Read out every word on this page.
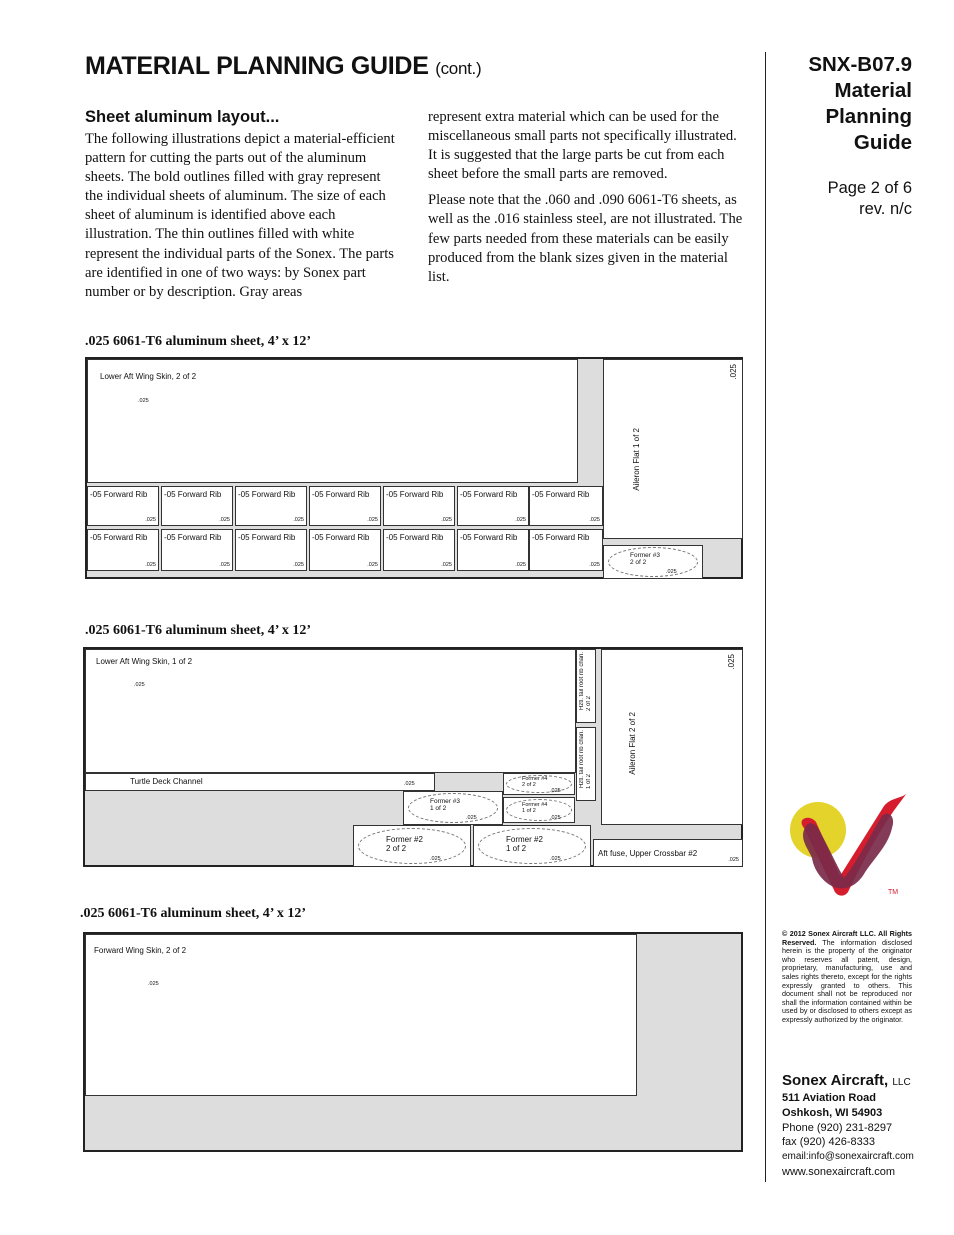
MATERIAL PLANNING GUIDE (cont.)
Sheet aluminum layout...
The following illustrations depict a material-efficient pattern for cutting the parts out of the aluminum sheets. The bold outlines filled with gray represent the individual sheets of aluminum. The size of each sheet of aluminum is identified above each illustration. The thin outlines filled with white represent the individual parts of the Sonex. The parts are identified in one of two ways: by Sonex part number or by description. Gray areas

represent extra material which can be used for the miscellaneous small parts not specifically illustrated. It is suggested that the large parts be cut from each sheet before the small parts are removed.

Please note that the .060 and .090 6061-T6 sheets, as well as the .016 stainless steel, are not illustrated. The few parts needed from these materials can be easily produced from the blank sizes given in the material list.

SNX-B07.9
Material
Planning
Guide
Page 2 of 6
rev. n/c
TM
© 2012 Sonex Aircraft LLC. All Rights Reserved. The information disclosed herein is the property of the originator who reserves all patent, design, proprietary, manufacturing, use and sales rights thereto, except for the rights expressly granted to others. This document shall not be reproduced nor shall the information contained within be used by or disclosed to others except as expressly authorized by the originator.
Sonex Aircraft, LLC
511 Aviation Road
Oshkosh, WI 54903
Phone (920) 231-8297
fax (920) 426-8333
email:info@sonexaircraft.com
www.sonexaircraft.com
.025 6061-T6 aluminum sheet, 4’ x 12’
Lower Aft Wing Skin, 2 of 2
.025
Aileron Flat 1 of 2
.025
-05 Forward Rib
.025
-05 Forward Rib
.025
-05 Forward Rib
.025
-05 Forward Rib
.025
-05 Forward Rib
.025
-05 Forward Rib
.025
-05 Forward Rib
.025
-05 Forward Rib
.025
-05 Forward Rib
.025
-05 Forward Rib
.025
-05 Forward Rib
.025
-05 Forward Rib
.025
-05 Forward Rib
.025
-05 Forward Rib
.025
Former #3
2 of 2
.025
.025 6061-T6 aluminum sheet, 4’ x 12’
Lower Aft Wing Skin, 1 of 2
.025	Hztl. tail root rib chan. 2 of 2
Hztl. tail root rib chan. 1 of 2
Aileron Flat 2 of 2
.025
Turtle Deck Channel	.025
Former #4
2 of 2
.025
Former #4
1 of 2
.025
Former #3
1 of 2
.025
Former #2
2 of 2
.025
Former #2
1 of 2
.025
Aft fuse, Upper Crossbar #2
.025
.025 6061-T6 aluminum sheet, 4’ x 12’
Forward Wing Skin, 2 of 2
.025
